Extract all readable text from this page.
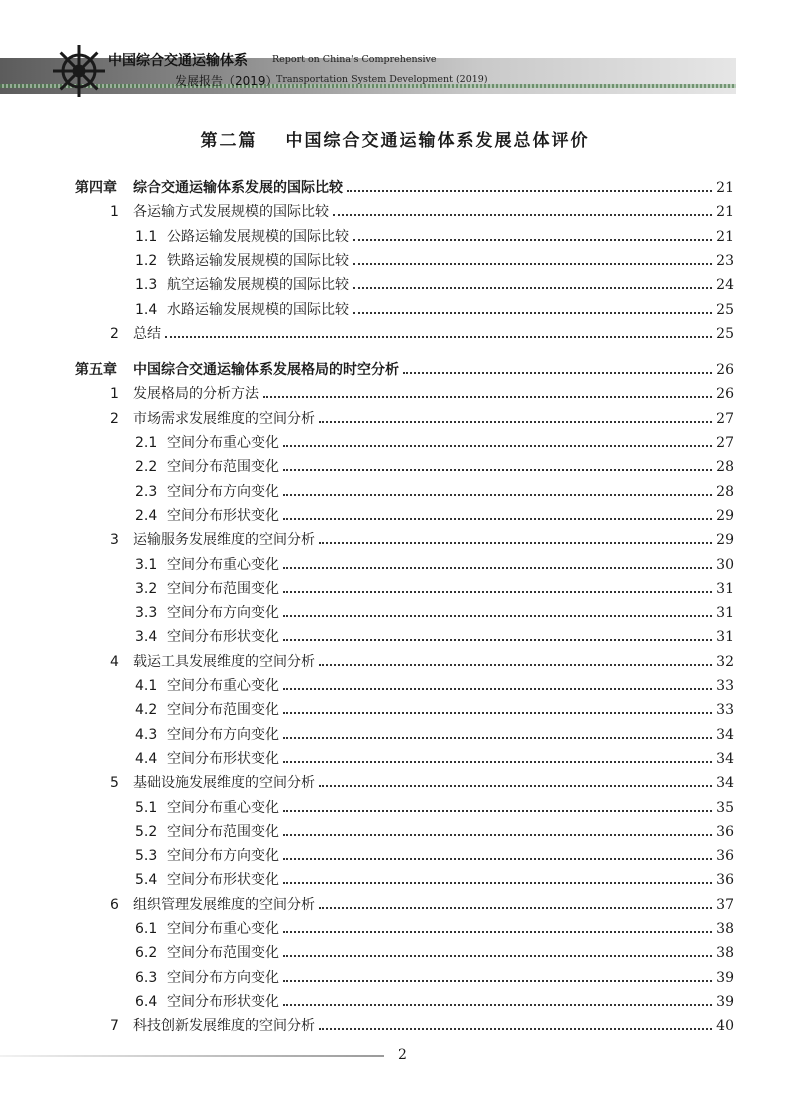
中国综合交通运输体系	Report on China's Comprehensive
发展报告（2019）
Transportation System Development (2019)
第二篇 中国综合交通运输体系发展总体评价
第四章	综合交通运输体系发展的国际比较	21
1	各运输方式发展规模的国际比较	21
1.1 公路运输发展规模的国际比较	21
1.2 铁路运输发展规模的国际比较	23
1.3 航空运输发展规模的国际比较	24
1.4 水路运输发展规模的国际比较	25
2	总结	25
第五章	中国综合交通运输体系发展格局的时空分析	26
1	发展格局的分析方法	26
2	市场需求发展维度的空间分析	27
2.1 空间分布重心变化	27
2.2 空间分布范围变化	28
2.3 空间分布方向变化	28
2.4 空间分布形状变化	29
3	运输服务发展维度的空间分析	29
3.1 空间分布重心变化	30
3.2 空间分布范围变化	31
3.3 空间分布方向变化	31
3.4 空间分布形状变化	31
4	载运工具发展维度的空间分析	32
4.1 空间分布重心变化	33
4.2 空间分布范围变化	33
4.3 空间分布方向变化	34
4.4 空间分布形状变化	34
5	基础设施发展维度的空间分析	34
5.1 空间分布重心变化	35
5.2 空间分布范围变化	36
5.3 空间分布方向变化	36
5.4 空间分布形状变化	36
6	组织管理发展维度的空间分析	37
6.1 空间分布重心变化	38
6.2 空间分布范围变化	38
6.3 空间分布方向变化	39
6.4 空间分布形状变化	39
7	科技创新发展维度的空间分析	40
2
